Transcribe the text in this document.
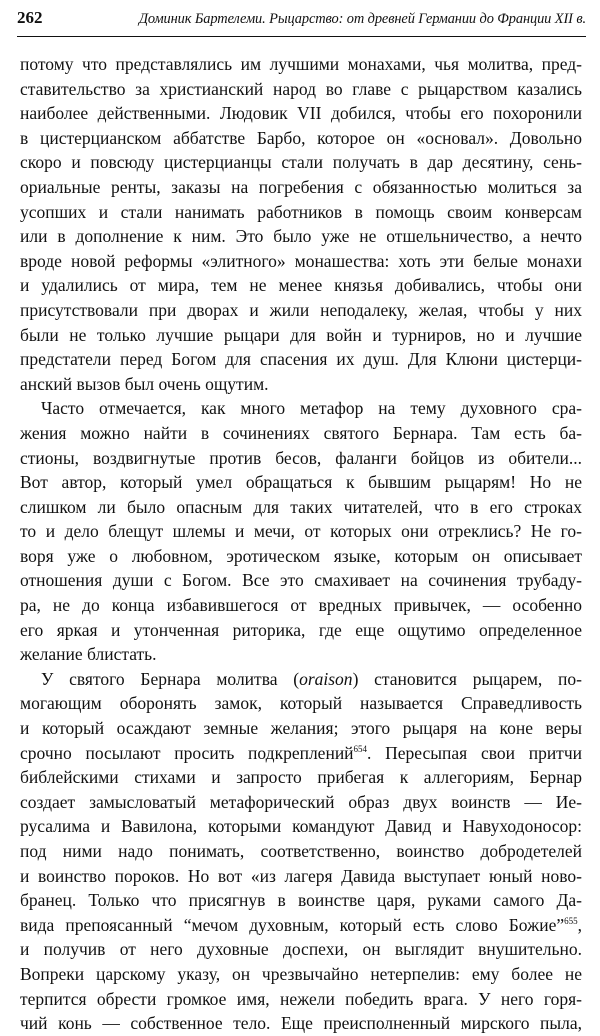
262	Доминик Бартелеми. Рыцарство: от древней Германии до Франции XII в.
потому что представлялись им лучшими монахами, чья молитва, пред-
ставительство за христианский народ во главе с рыцарством казались
наиболее действенными. Людовик VII добился, чтобы его похоронили
в цистерцианском аббатстве Барбо, которое он «основал». Довольно
скоро и повсюду цистерцианцы стали получать в дар десятину, сень-
ориальные ренты, заказы на погребения с обязанностью молиться за
усопших и стали нанимать работников в помощь своим конверсам
или в дополнение к ним. Это было уже не отшельничество, а нечто
вроде новой реформы «элитного» монашества: хоть эти белые монахи
и удалились от мира, тем не менее князья добивались, чтобы они
присутствовали при дворах и жили неподалеку, желая, чтобы у них
были не только лучшие рыцари для войн и турниров, но и лучшие
предстатели перед Богом для спасения их душ. Для Клюни цистерци-
анский вызов был очень ощутим.
Часто отмечается, как много метафор на тему духовного сра-
жения можно найти в сочинениях святого Бернара. Там есть ба-
стионы, воздвигнутые против бесов, фаланги бойцов из обители...
Вот автор, который умел обращаться к бывшим рыцарям! Но не
слишком ли было опасным для таких читателей, что в его строках
то и дело блещут шлемы и мечи, от которых они отреклись? Не го-
воря уже о любовном, эротическом языке, которым он описывает
отношения души с Богом. Все это смахивает на сочинения трубаду-
ра, не до конца избавившегося от вредных привычек, — особенно
его яркая и утонченная риторика, где еще ощутимо определенное
желание блистать.
У святого Бернара молитва (oraison) становится рыцарем, по-
могающим оборонять замок, который называется Справедливость
и который осаждают земные желания; этого рыцаря на коне веры
срочно посылают просить подкреплений$^{654}$. Пересыпая свои притчи
библейскими стихами и запросто прибегая к аллегориям, Бернар
создает замысловатый метафорический образ двух воинств — Ие-
русалима и Вавилона, которыми командуют Давид и Навуходоносор:
под ними надо понимать, соответственно, воинство добродетелей
и воинство пороков. Но вот «из лагеря Давида выступает юный ново-
бранец. Только что присягнув в воинстве царя, руками самого Да-
вида препоясанный “мечом духовным, который есть слово Божие”$^{655}$,
и получив от него духовные доспехи, он выглядит внушительно.
Вопреки царскому указу, он чрезвычайно нетерпелив: ему более не
терпится обрести громкое имя, нежели победить врага. У него горя-
чий конь — собственное тело. Еще преисполненный мирского пыла,
